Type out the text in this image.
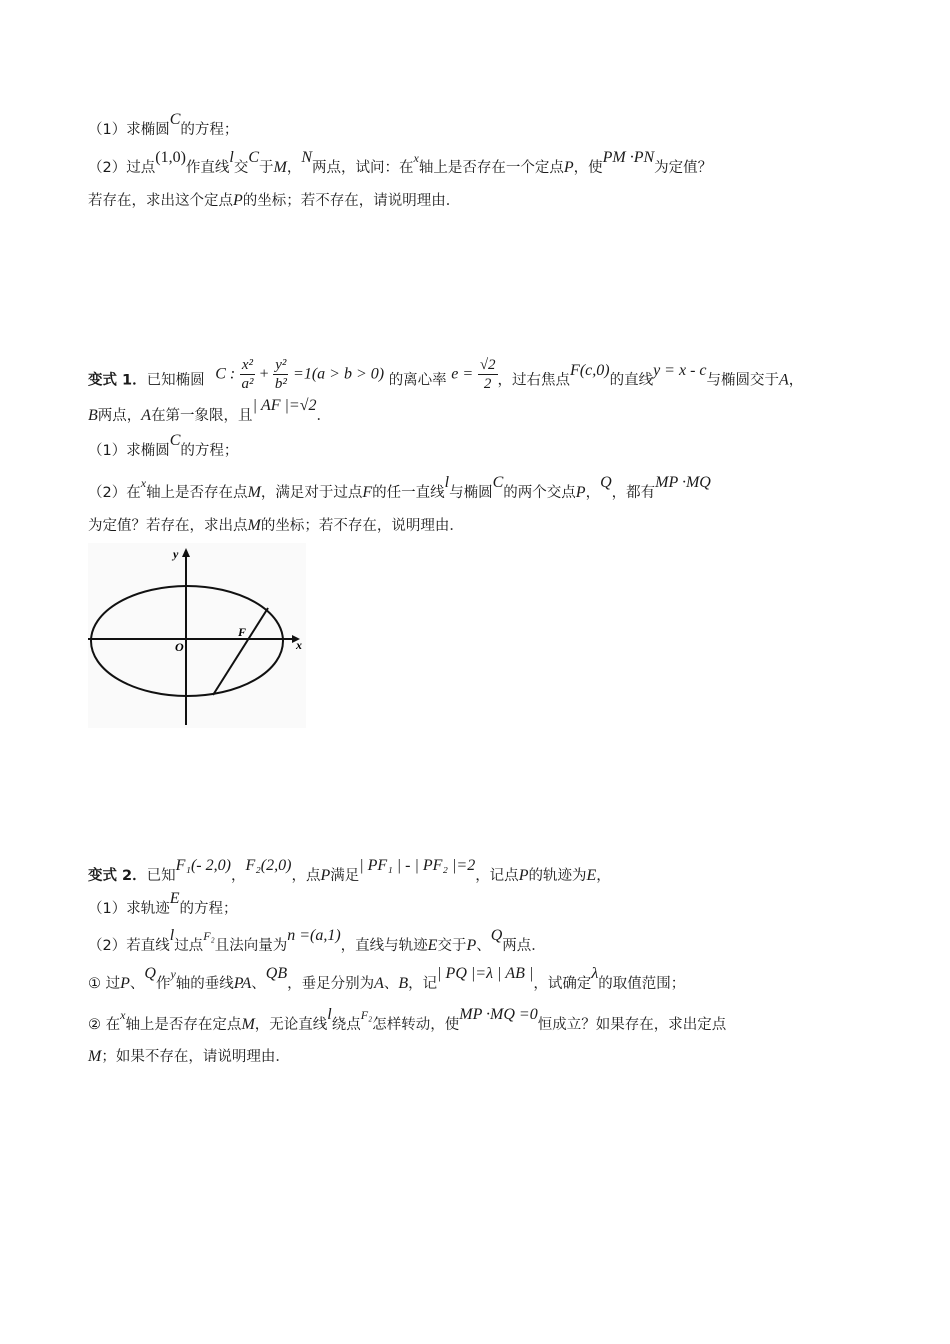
（1）求椭圆C的方程；
（2）过点(1,0)作直线l交C于M，N两点，试问：在$^x$轴上是否存在一个定点P，使PM ·PN为定值？
若存在，求出这个定点P的坐标；若不存在，请说明理由．
变式 1．已知椭圆 C : $\frac{\text{x²}}{\text{a²}} + \frac{\text{y²}}{\text{b²}} =1(a > b > 0)$ 的离心率 $e = \frac{√2}{2}$ ，过右焦点F(c,0)的直线y = x - c与椭圆交于A，
B两点，A在第一象限，且| AF |=√2．
（1）求椭圆C的方程；
（2）在$^x$轴上是否存在点M，满足对于过点F的任一直线l与椭圆C的两个交点P，Q，都有MP ·MQ
为定值？若存在，求出点M的坐标；若不存在，说明理由．
y
x
O
F
变式 2．已知F₁(- 2,0)，F₂(2,0)，点P满足| PF₁ | - | PF₂ |=2，记点P的轨迹为E，
（1）求轨迹E的方程；
（2）若直线l过点$^{F_2}$且法向量为n =(a,1)，直线与轨迹E交于P、Q两点．
① 过P、Q作$^y$轴的垂线PA、QB，垂足分别为A、B，记| PQ |=λ | AB |，试确定λ的取值范围；
② 在$^x$轴上是否存在定点M，无论直线l绕点$^{F_2}$怎样转动，使MP ·MQ =0恒成立？如果存在，求出定点
M；如果不存在，请说明理由．
